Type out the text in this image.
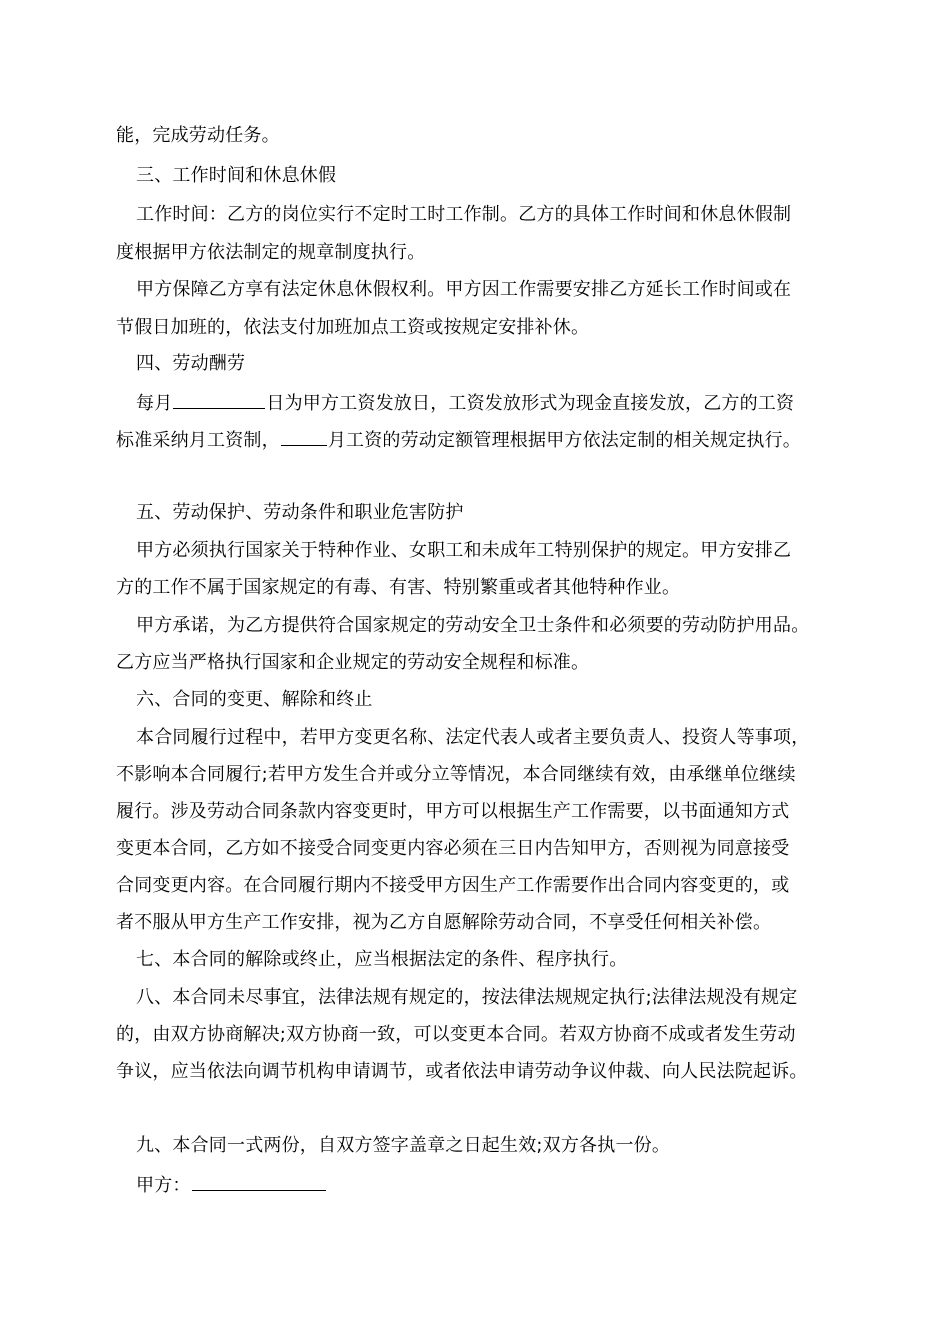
能，完成劳动任务。
三、工作时间和休息休假
工作时间：乙方的岗位实行不定时工时工作制。乙方的具体工作时间和休息休假制
度根据甲方依法制定的规章制度执行。
甲方保障乙方享有法定休息休假权利。甲方因工作需要安排乙方延长工作时间或在
节假日加班的，依法支付加班加点工资或按规定安排补休。
四、劳动酬劳
每月	日为甲方工资发放日，工资发放形式为现金直接发放，乙方的工资
标准采纳月工资制，	月工资的劳动定额管理根据甲方依法定制的相关规定执行。
五、劳动保护、劳动条件和职业危害防护
甲方必须执行国家关于特种作业、女职工和未成年工特别保护的规定。甲方安排乙
方的工作不属于国家规定的有毒、有害、特别繁重或者其他特种作业。
甲方承诺，为乙方提供符合国家规定的劳动安全卫士条件和必须要的劳动防护用品。
乙方应当严格执行国家和企业规定的劳动安全规程和标准。
六、合同的变更、解除和终止
本合同履行过程中，若甲方变更名称、法定代表人或者主要负责人、投资人等事项，
不影响本合同履行;若甲方发生合并或分立等情况，本合同继续有效，由承继单位继续
履行。涉及劳动合同条款内容变更时，甲方可以根据生产工作需要，以书面通知方式
变更本合同，乙方如不接受合同变更内容必须在三日内告知甲方，否则视为同意接受
合同变更内容。在合同履行期内不接受甲方因生产工作需要作出合同内容变更的，或
者不服从甲方生产工作安排，视为乙方自愿解除劳动合同，不享受任何相关补偿。
七、本合同的解除或终止，应当根据法定的条件、程序执行。
八、本合同未尽事宜，法律法规有规定的，按法律法规规定执行;法律法规没有规定
的，由双方协商解决;双方协商一致，可以变更本合同。若双方协商不成或者发生劳动
争议，应当依法向调节机构申请调节，或者依法申请劳动争议仲裁、向人民法院起诉。
九、本合同一式两份，自双方签字盖章之日起生效;双方各执一份。
甲方：
